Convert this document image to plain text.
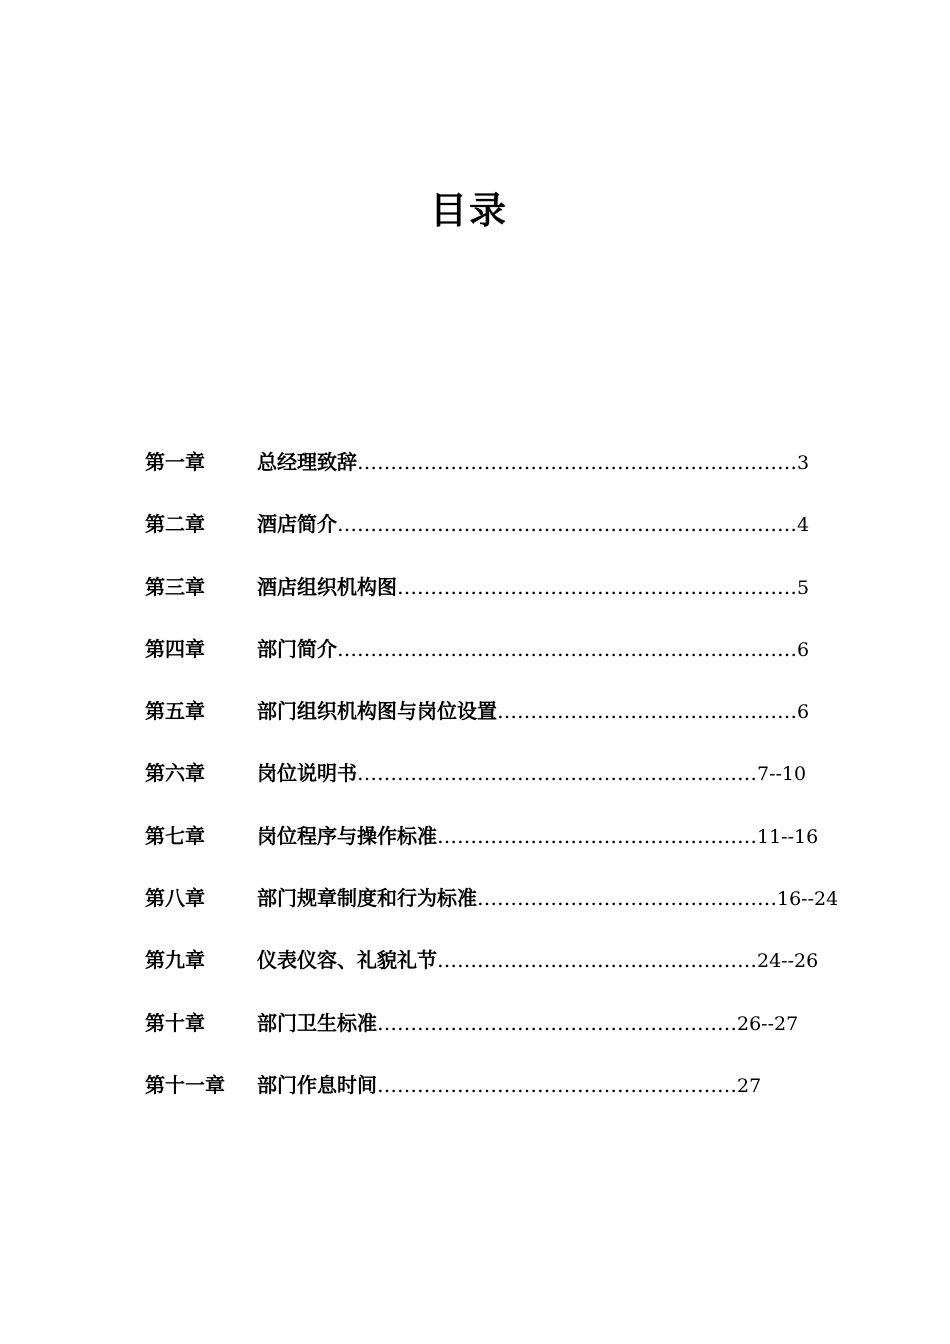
目录
第一章	总经理致辞…………………………………………………………3
第二章	酒店简介……………………………………………………………4
第三章	酒店组织机构图……………………………………………………5
第四章	部门简介……………………………………………………………6
第五章	部门组织机构图与岗位设置………………………………………6
第六章	岗位说明书……………………………………………………7--10
第七章	岗位程序与操作标准…………………………………………11--16
第八章	部门规章制度和行为标准………………………………………16--24
第九章	仪表仪容、礼貌礼节…………………………………………24--26
第十章	部门卫生标准………………………………………………26--27
第十一章 部门作息时间………………………………………………27
